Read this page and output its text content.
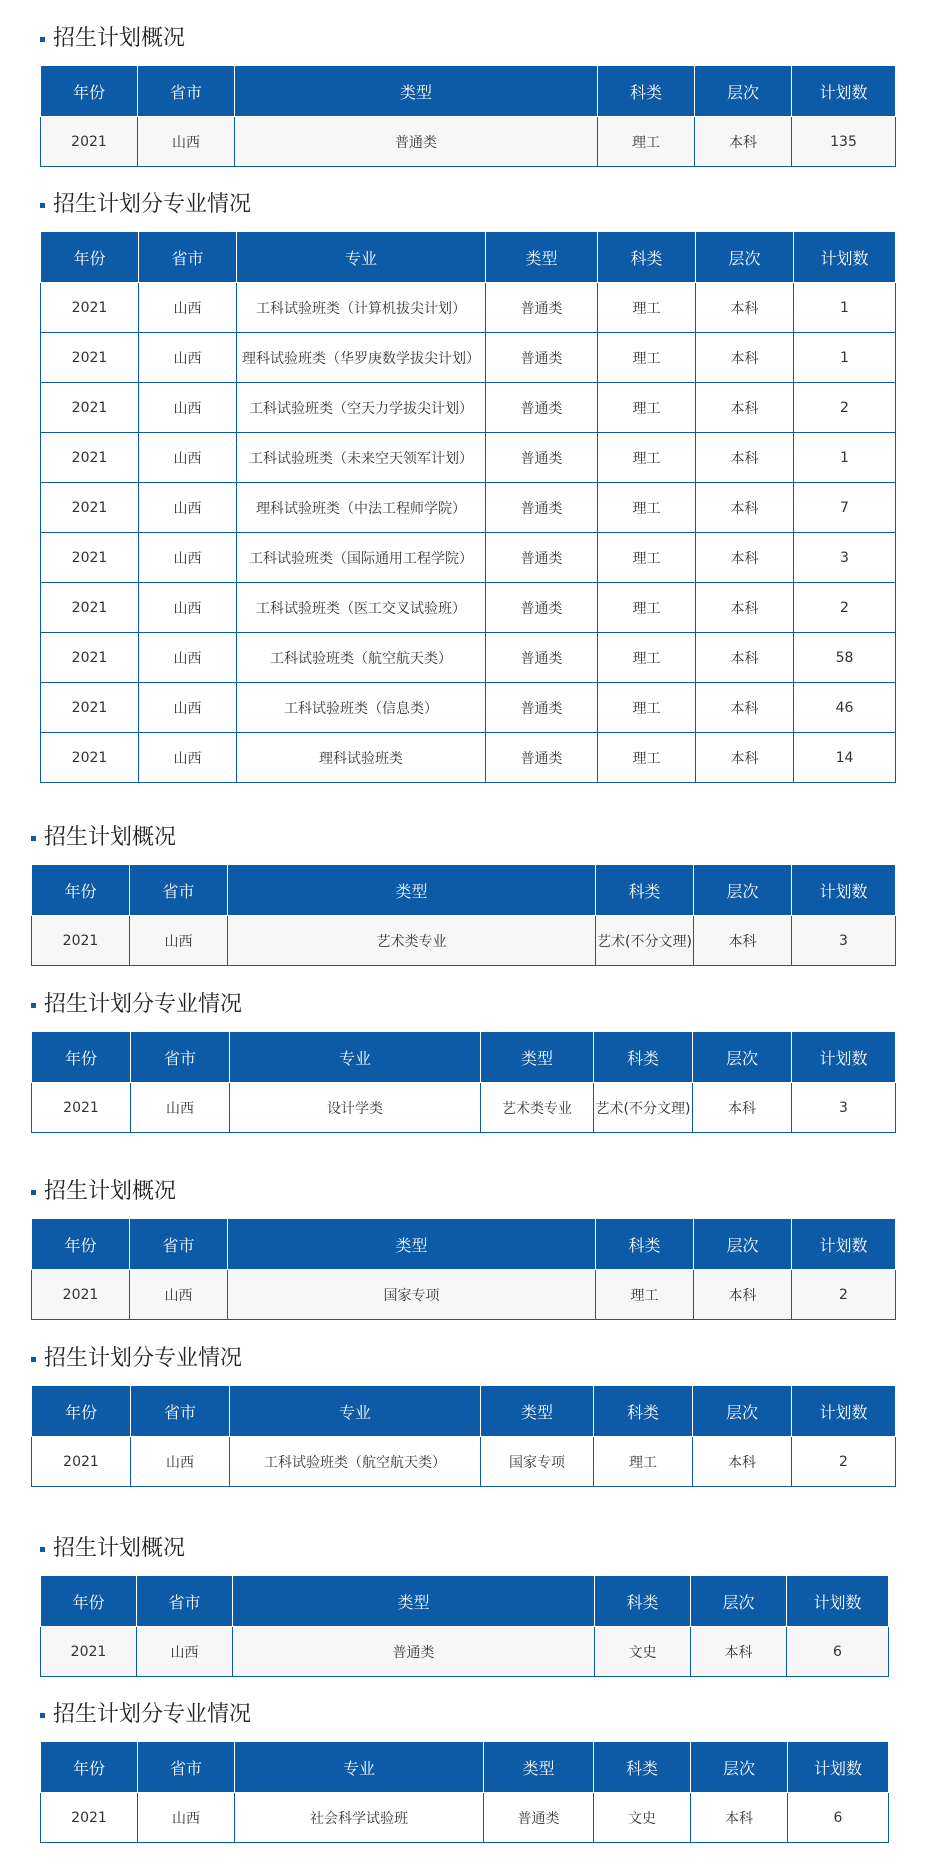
招生计划概况
年份	省市	类型	科类	层次	计划数
2021	山西	普通类	理工	本科	135
招生计划分专业情况
年份	省市	专业	类型	科类	层次	计划数
2021	山西	工科试验班类（计算机拔尖计划）	普通类	理工	本科	1
2021	山西	理科试验班类（华罗庚数学拔尖计划）	普通类	理工	本科	1
2021	山西	工科试验班类（空天力学拔尖计划）	普通类	理工	本科	2
2021	山西	工科试验班类（未来空天领军计划）	普通类	理工	本科	1
2021	山西	理科试验班类（中法工程师学院）	普通类	理工	本科	7
2021	山西	工科试验班类（国际通用工程学院）	普通类	理工	本科	3
2021	山西	工科试验班类（医工交叉试验班）	普通类	理工	本科	2
2021	山西	工科试验班类（航空航天类）	普通类	理工	本科	58
2021	山西	工科试验班类（信息类）	普通类	理工	本科	46
2021	山西	理科试验班类	普通类	理工	本科	14
招生计划概况
年份	省市	类型	科类	层次	计划数
2021	山西	艺术类专业	艺术(不分文理)	本科	3
招生计划分专业情况
年份	省市	专业	类型	科类	层次	计划数
2021	山西	设计学类	艺术类专业	艺术(不分文理)	本科	3
招生计划概况
年份	省市	类型	科类	层次	计划数
2021	山西	国家专项	理工	本科	2
招生计划分专业情况
年份	省市	专业	类型	科类	层次	计划数
2021	山西	工科试验班类（航空航天类）	国家专项	理工	本科	2
招生计划概况
年份	省市	类型	科类	层次	计划数
2021	山西	普通类	文史	本科	6
招生计划分专业情况
年份	省市	专业	类型	科类	层次	计划数
2021	山西	社会科学试验班	普通类	文史	本科	6
